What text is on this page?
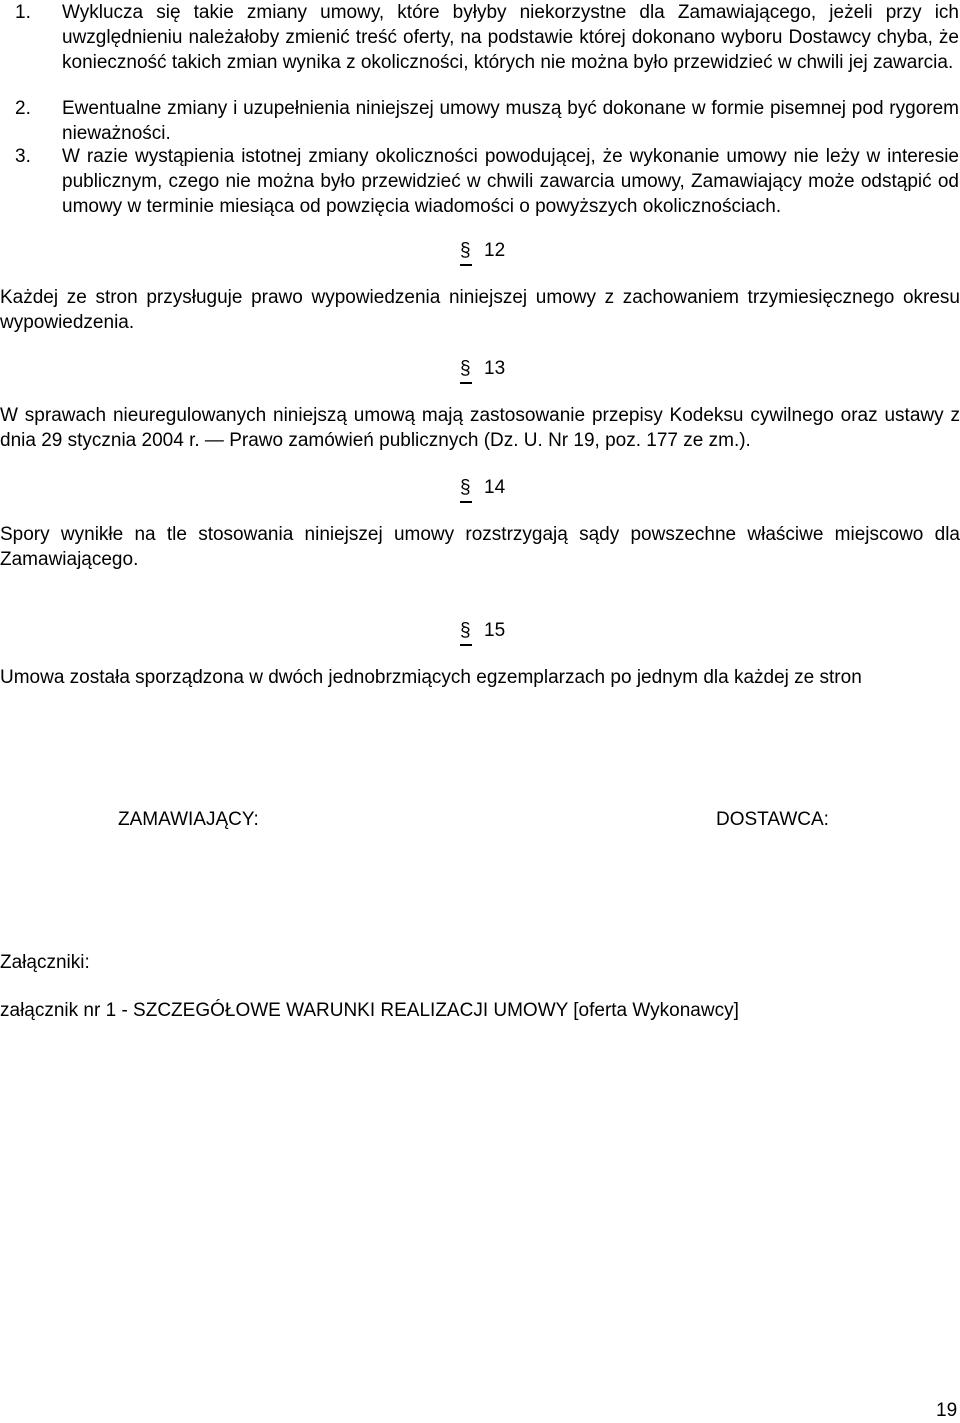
1. Wyklucza się takie zmiany umowy, które byłyby niekorzystne dla Zamawiającego, jeżeli przy ich uwzględnieniu należałoby zmienić treść oferty, na podstawie której dokonano wyboru Dostawcy chyba, że konieczność takich zmian wynika z okoliczności, których nie można było przewidzieć w chwili jej zawarcia.
2. Ewentualne zmiany i uzupełnienia niniejszej umowy muszą być dokonane w formie pisemnej pod rygorem nieważności.
3. W razie wystąpienia istotnej zmiany okoliczności powodującej, że wykonanie umowy nie leży w interesie publicznym, czego nie można było przewidzieć w chwili zawarcia umowy, Zamawiający może odstąpić od umowy w terminie miesiąca od powzięcia wiadomości o powyższych okolicznościach.
§ 12
Każdej ze stron przysługuje prawo wypowiedzenia niniejszej umowy z zachowaniem trzymiesięcznego okresu wypowiedzenia.
§ 13
W sprawach nieuregulowanych niniejszą umową mają zastosowanie przepisy Kodeksu cywilnego oraz ustawy z dnia 29 stycznia 2004 r. — Prawo zamówień publicznych (Dz. U. Nr 19, poz. 177 ze zm.).
§ 14
Spory wynikłe na tle stosowania niniejszej umowy rozstrzygają sądy powszechne właściwe miejscowo dla Zamawiającego.
§ 15
Umowa została sporządzona w dwóch jednobrzmiących egzemplarzach po jednym dla każdej ze stron
ZAMAWIAJĄCY:	DOSTAWCA:
Załączniki:
załącznik nr 1 - SZCZEGÓŁOWE WARUNKI REALIZACJI UMOWY [oferta Wykonawcy]
19
